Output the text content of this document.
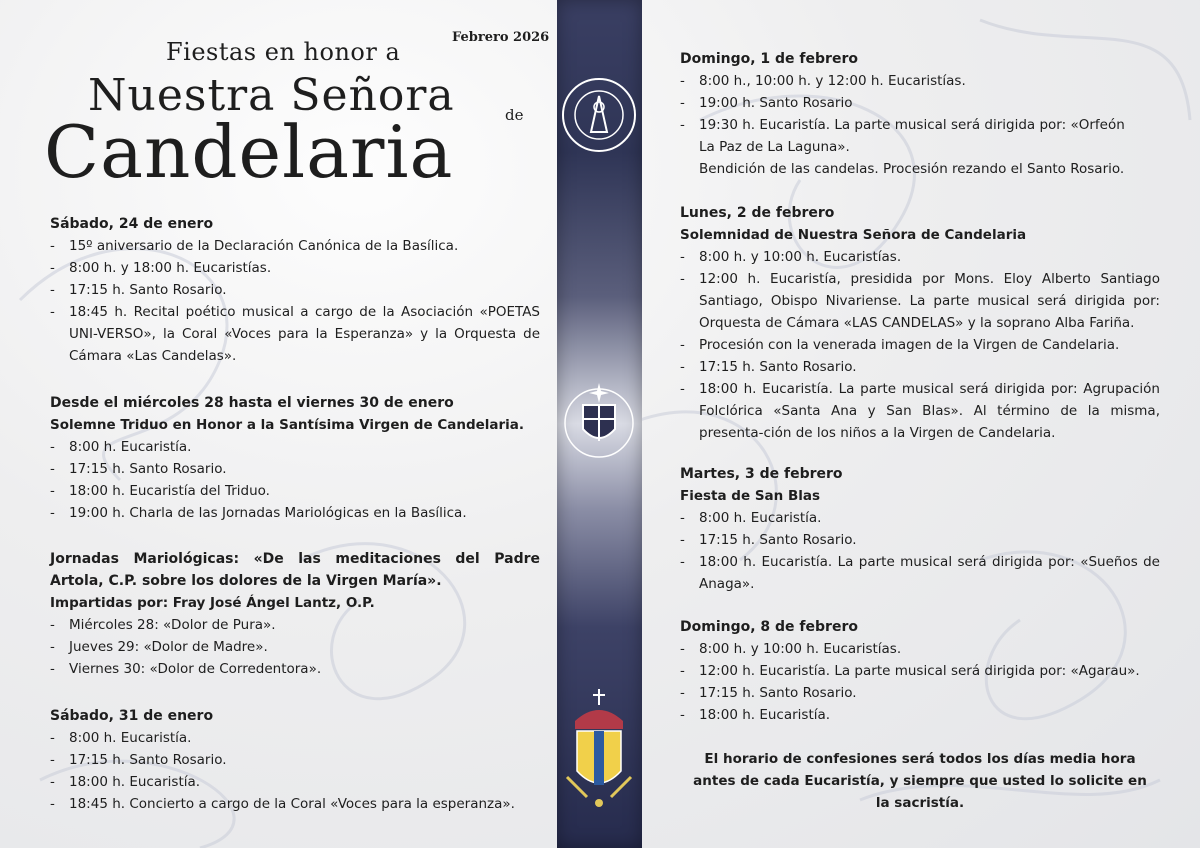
Febrero 2026
Fiestas en honor a
Nuestra Señora	de
Candelaria
Sábado, 24 de enero
-	15º aniversario de la Declaración Canónica de la Basílica.
-	8:00 h. y 18:00 h. Eucaristías.
-	17:15 h. Santo Rosario.
-	18:45 h. Recital poético musical a cargo de la Asociación «POETAS UNI-VERSO», la Coral «Voces para la Esperanza» y la Orquesta de Cámara «Las Candelas».
Desde el miércoles 28 hasta el viernes 30 de enero
Solemne Triduo en Honor a la Santísima Virgen de Candelaria.
-	8:00 h. Eucaristía.
-	17:15 h. Santo Rosario.
-	18:00 h. Eucaristía del Triduo.
-	19:00 h. Charla de las Jornadas Mariológicas en la Basílica.
Jornadas Mariológicas: «De las meditaciones del Padre Artola, C.P. sobre los dolores de la Virgen María».
Impartidas por: Fray José Ángel Lantz, O.P.
-	Miércoles 28: «Dolor de Pura».
-	Jueves 29: «Dolor de Madre».
-	Viernes 30: «Dolor de Corredentora».
Sábado, 31 de enero
-	8:00 h. Eucaristía.
-	17:15 h. Santo Rosario.
-	18:00 h. Eucaristía.
-	18:45 h. Concierto a cargo de la Coral «Voces para la esperanza».
Domingo, 1 de febrero
-	8:00 h., 10:00 h. y 12:00 h. Eucaristías.
-	19:00 h. Santo Rosario
-	19:30 h. Eucaristía. La parte musical será dirigida por: «Orfeón
La Paz de La Laguna».
Bendición de las candelas. Procesión rezando el Santo Rosario.
Lunes, 2 de febrero
Solemnidad de Nuestra Señora de Candelaria
-	8:00 h. y 10:00 h. Eucaristías.
-	12:00 h. Eucaristía, presidida por Mons. Eloy Alberto Santiago Santiago, Obispo Nivariense. La parte musical será dirigida por: Orquesta de Cámara «LAS CANDELAS» y la soprano Alba Fariña.
-	Procesión con la venerada imagen de la Virgen de Candelaria.
-	17:15 h. Santo Rosario.
-	18:00 h. Eucaristía. La parte musical será dirigida por: Agrupación Folclórica «Santa Ana y San Blas». Al término de la misma, presenta-ción de los niños a la Virgen de Candelaria.
Martes, 3 de febrero
Fiesta de San Blas
-	8:00 h. Eucaristía.
-	17:15 h. Santo Rosario.
-	18:00 h. Eucaristía. La parte musical será dirigida por: «Sueños de Anaga».
Domingo, 8 de febrero
-	8:00 h. y 10:00 h. Eucaristías.
-	12:00 h. Eucaristía. La parte musical será dirigida por: «Agarau».
-	17:15 h. Santo Rosario.
-	18:00 h. Eucaristía.
El horario de confesiones será todos los días media hora antes de cada Eucaristía, y siempre que usted lo solicite en la sacristía.
